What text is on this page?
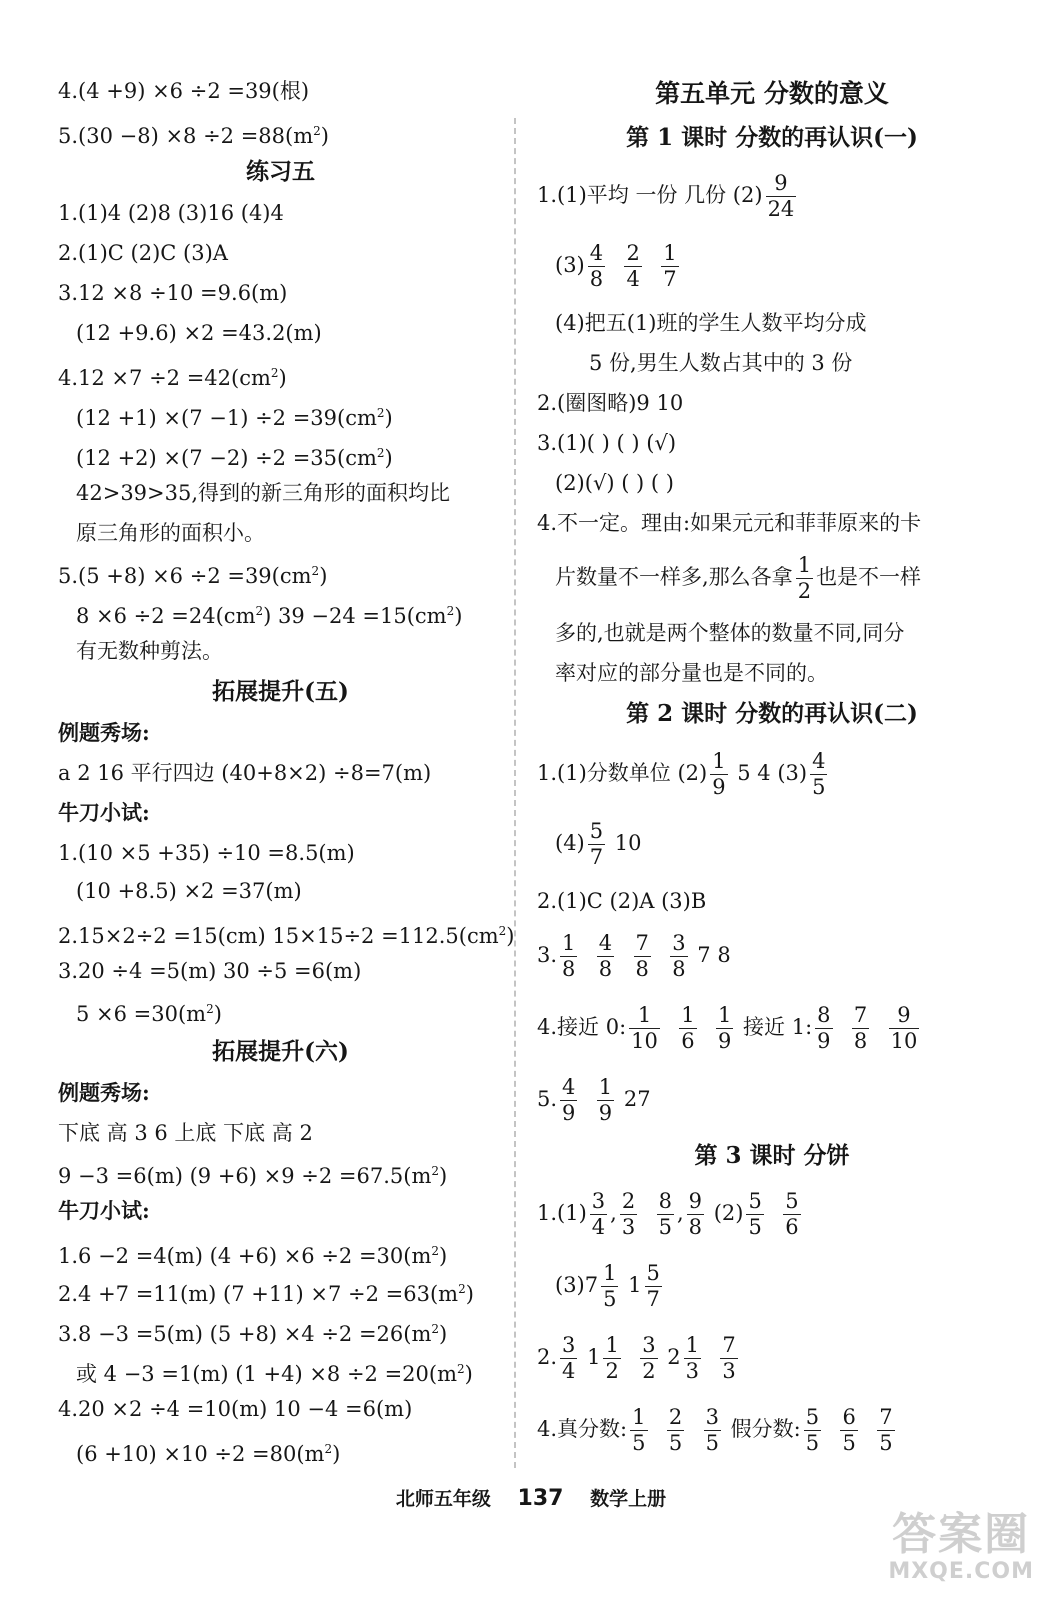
4.(4 +9) ×6 ÷2 =39(根)
$5.(30 -8) \times 8 \div 2 =88(m^2)$
练习五
1.(1)4 (2)8 (3)16 (4)4
2.(1)C (2)C (3)A
3.12 ×8 ÷10 =9.6(m)
(12 +9.6) ×2 =43.2(m)
$4.12 \times 7 \div 2 =42(cm^2)$
$(12 +1) \times(7 -1) \div 2 =39(cm^2)$
$(12 +2) \times(7 -2) \div 2 =35(cm^2)$
42>39>35,得到的新三角形的面积均比
原三角形的面积小。
$5.(5 +8) \times 6 \div 2 =39(cm^2)$
$8 \times 6 \div 2 =24(cm^2)$ $39 -24 =15(cm^2)$
有无数种剪法。
拓展提升(五)
例题秀场:
a 2 16 平行四边 (40+8×2) ÷8=7(m)
牛刀小试:
1.(10 ×5 +35) ÷10 =8.5(m)
(10 +8.5) ×2 =37(m)
2.15×2÷2 =15(cm) $15\times 15\div 2 =112.5(cm^2)$
3.20 ÷4 =5(m) 30 ÷5 =6(m)
$5 \times 6 =30(m^2)$
拓展提升(六)
例题秀场:
下底 高 3 6 上底 下底 高 2
9 −3 =6(m) $(9 +6) \times 9 \div 2 =67.5(m^2)$
牛刀小试:
1.6 −2 =4(m) $(4 +6) \times 6 \div 2 =30(m^2)$
2.4 +7 =11(m) $(7 +11) \times 7 \div 2 =63(m^2)$
3.8 −3 =5(m) $(5 +8) \times 4 \div 2 =26(m^2)$
或 4 −3 =1(m) $(1 +4) \times 8 \div 2 =20(m^2)$
4.20 ×2 ÷4 =10(m) 10 −4 =6(m)
$(6 +10) \times 10 \div 2 =80(m^2)$
第五单元 分数的意义
第 1 课时 分数的再认识(一)
1.(1)平均 一份 几份 $(2) \frac{9}{24}$
$(3) \frac{4}{8}$
$\frac{2}{4}$
$\frac{1}{7}$
(4)把五(1)班的学生人数平均分成
5 份,男生人数占其中的 3 份
2.(圈图略)9 10
3.(1)( ) ( ) (√)
(2)(√) ( ) ( )
4.不一定。理由:如果元元和菲菲原来的卡
片数量不一样多,那么各拿 $\frac{1}{2}$ 也是不一样
多的,也就是两个整体的数量不同,同分
率对应的部分量也是不同的。
第 2 课时 分数的再认识(二)
1.(1)分数单位 $(2) \frac{1}{9} 5$ 4 $(3) \frac{4}{5}$
$(4) \frac{5}{7} 10$
2.(1)C (2)A (3)B
3. $\frac{1}{8}$
$\frac{4}{8}$
$\frac{7}{8}$
$\frac{3}{8} 7$ 8
4.接近 0: $\frac{1}{10}$
$\frac{1}{6}$
$\frac{1}{9}$ 接近 1: $\frac{8}{9}$
$\frac{7}{8}$
$\frac{9}{10}$
5. $\frac{4}{9}$
$\frac{1}{9} 27$
第 3 课时 分饼
$1.(1) \frac{3}{4}$ , $\frac{2}{3}$
$\frac{8}{5}$ , $\frac{9}{8} (2) \frac{5}{5}$
$\frac{5}{6}$
$(3)7 \frac{1}{5} 1 \frac{5}{7}$
2. $\frac{3}{4} 1 \frac{1}{2}$
$\frac{3}{2} 2 \frac{1}{3}$
$\frac{7}{3}$
4.真分数: $\frac{1}{5}$
$\frac{2}{5}$
$\frac{3}{5}$ 假分数: $\frac{5}{5}$
$\frac{6}{5}$
$\frac{7}{5}$
北师五年级 137 数学上册
答案圈
MXQE.COM
